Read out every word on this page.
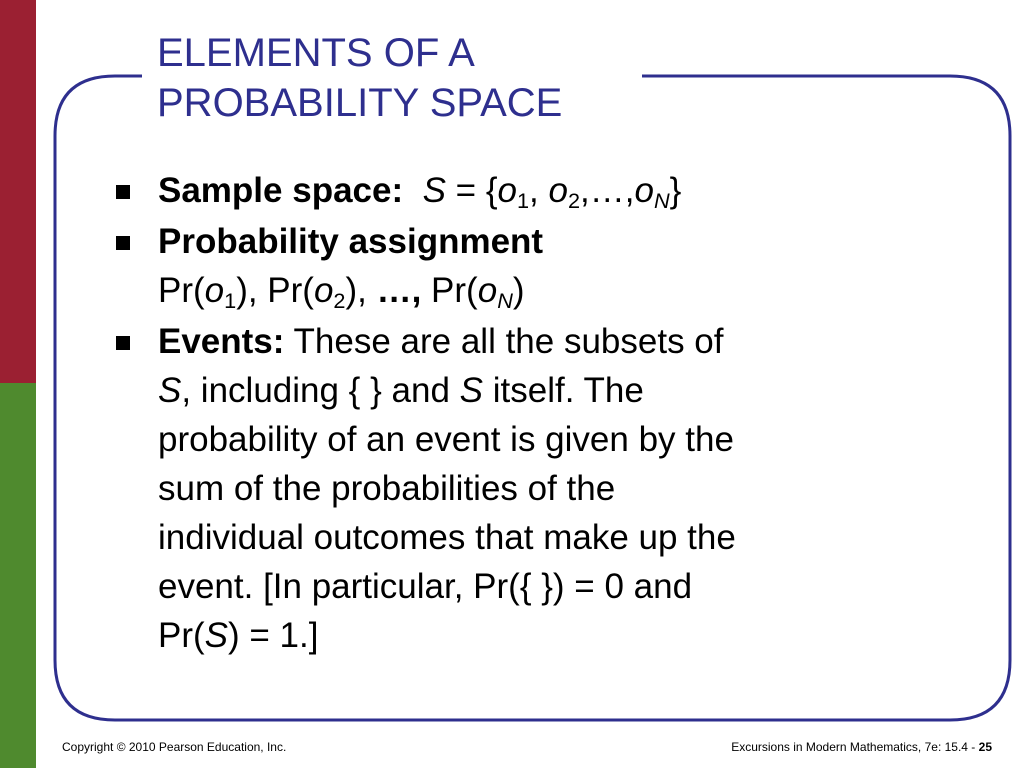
ELEMENTS OF A
PROBABILITY SPACE
Sample space: $S = \{o_1$, $o_2,\dots,o_N$}
Probability assignment
$Pr(o_1)$, $Pr(o_2)$, …, $Pr(o_N)$
Events: These are all the subsets of
S, including { } and S itself. The
probability of an event is given by the
sum of the probabilities of the
individual outcomes that make up the
event. [In particular, Pr({ }) = 0 and
Pr(S) = 1.]
Copyright © 2010 Pearson Education, Inc.	Excursions in Modern Mathematics, 7e: 15.4 - 25
